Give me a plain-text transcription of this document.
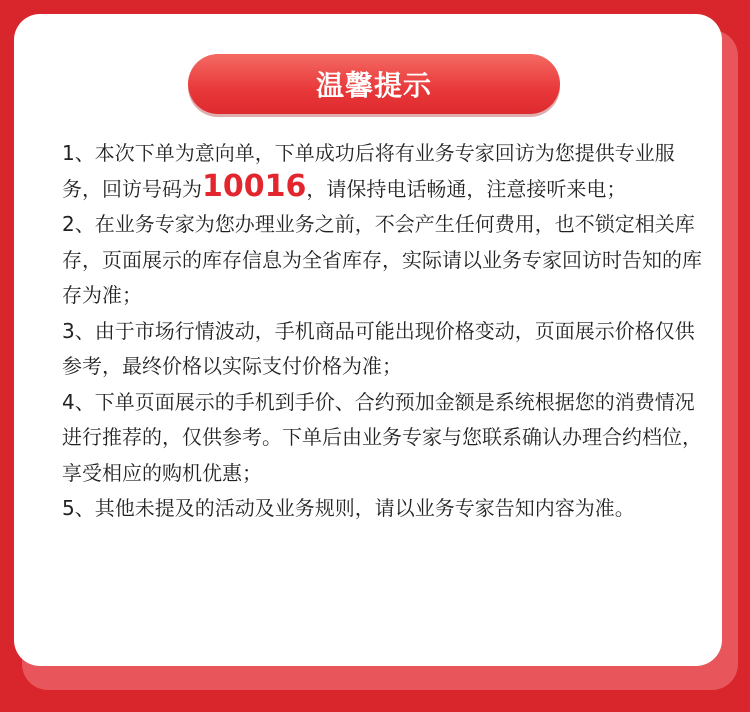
温馨提示
1、本次下单为意向单，下单成功后将有业务专家回访为您提供专业服务，回访号码为10016，请保持电话畅通，注意接听来电；
2、在业务专家为您办理业务之前，不会产生任何费用，也不锁定相关库存，页面展示的库存信息为全省库存，实际请以业务专家回访时告知的库存为准；
3、由于市场行情波动，手机商品可能出现价格变动，页面展示价格仅供参考，最终价格以实际支付价格为准；
4、下单页面展示的手机到手价、合约预加金额是系统根据您的消费情况进行推荐的，仅供参考。下单后由业务专家与您联系确认办理合约档位，享受相应的购机优惠；
5、其他未提及的活动及业务规则，请以业务专家告知内容为准。
